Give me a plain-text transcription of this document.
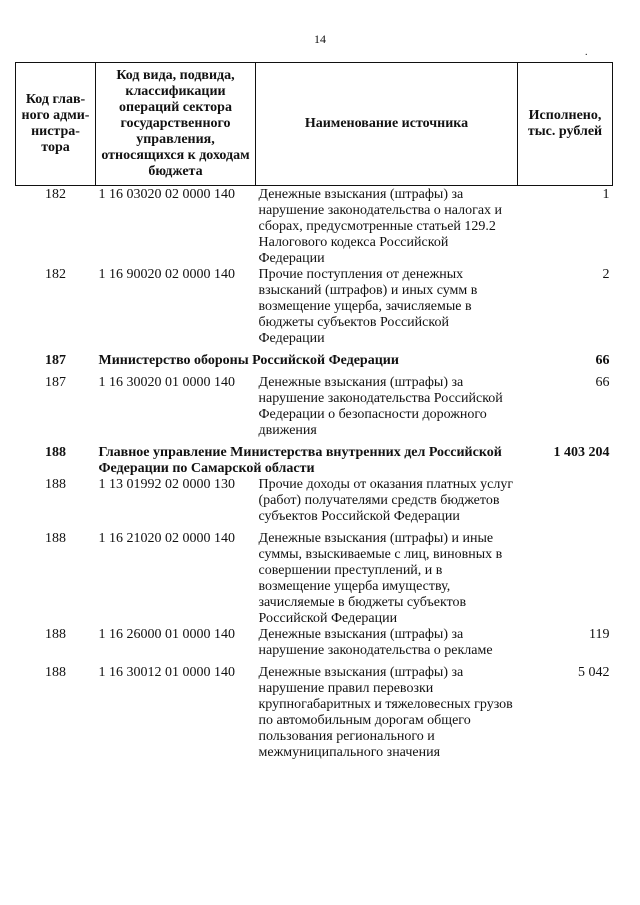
14
.
Код глав-ного адми-нистра-тора	Код вида, подвида, классификации операций сектора государственного управления, относящихся к доходам бюджета	Наименование источника	Исполнено, тыс. рублей
182	1 16 03020 02 0000 140	Денежные взыскания (штрафы) за нарушение законодательства о налогах и сборах, предусмотренные статьей 129.2 Налогового кодекса Российской Федерации	1
182	1 16 90020 02 0000 140	Прочие поступления от денежных взысканий (штрафов) и иных сумм в возмещение ущерба, зачисляемые в бюджеты субъектов Российской Федерации	2
187	Министерство обороны Российской Федерации		66
187	1 16 30020 01 0000 140	Денежные взыскания (штрафы) за нарушение законодательства Российской Федерации о безопасности дорожного движения	66
188	Главное управление Министерства внутренних дел Российской Федерации по Самарской области		1 403 204
188	1 13 01992 02 0000 130	Прочие доходы от оказания платных услуг (работ) получателями средств бюджетов субъектов Российской Федерации	
188	1 16 21020 02 0000 140	Денежные взыскания (штрафы) и иные суммы, взыскиваемые с лиц, виновных в совершении преступлений, и в возмещение ущерба имуществу, зачисляемые в бюджеты субъектов Российской Федерации	
188	1 16 26000 01 0000 140	Денежные взыскания (штрафы) за нарушение законодательства о рекламе	119
188	1 16 30012 01 0000 140	Денежные взыскания (штрафы) за нарушение правил перевозки крупногабаритных и тяжеловесных грузов по автомобильным дорогам общего пользования регионального и межмуниципального значения	5 042
